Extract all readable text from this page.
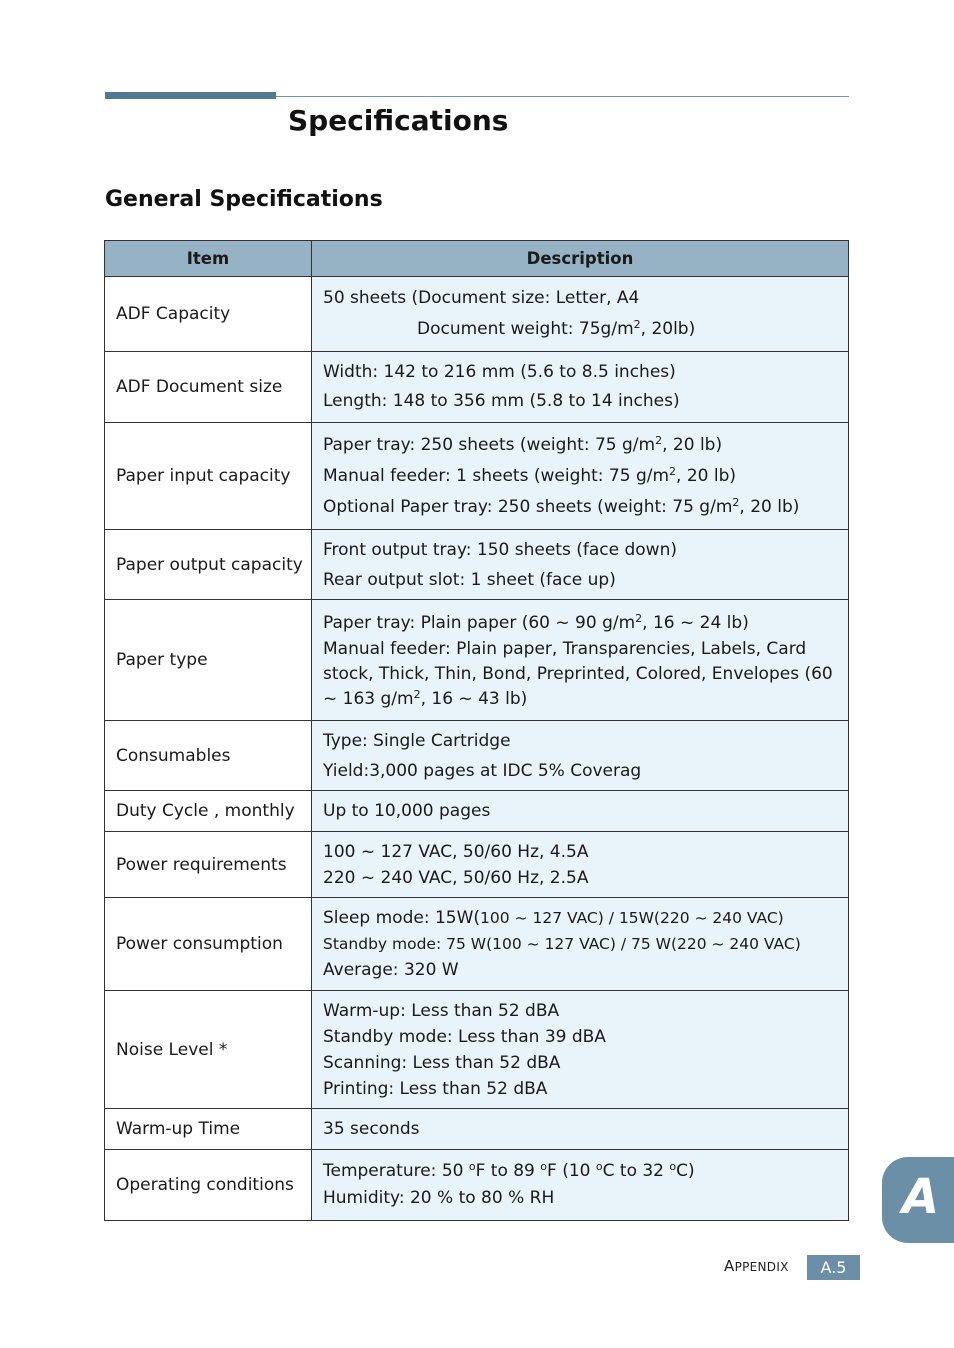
Specifications
General Specifications
Item	Description
ADF Capacity	50 sheets (Document size: Letter, A4
Document weight: $75g/m^2$, 20lb)

ADF Document size	Width: 142 to 216 mm (5.6 to 8.5 inches)
Length: 148 to 356 mm (5.8 to 14 inches)

Paper input capacity	Paper tray: 250 sheets (weight: 75 $g/m^2$, 20 lb)
Manual feeder: 1 sheets (weight: 75 $g/m^2$, 20 lb)
Optional Paper tray: 250 sheets (weight: 75 $g/m^2$, 20 lb)

Paper output capacity	Front output tray: 150 sheets (face down)
Rear output slot: 1 sheet (face up)

Paper type	Paper tray: Plain paper (60 ~ 90 $g/m^2$, 16 ~ 24 lb)
Manual feeder: Plain paper, Transparencies, Labels, Card stock, Thick, Thin, Bond, Preprinted, Colored, Envelopes (60 ~ 163 $g/m^2$, 16 ~ 43 lb)

Consumables	Type: Single Cartridge
Yield:3,000 pages at IDC 5% Coverag

Duty Cycle , monthly	Up to 10,000 pages

Power requirements	100 ~ 127 VAC, 50/60 Hz, 4.5A
220 ~ 240 VAC, 50/60 Hz, 2.5A

Power consumption	Sleep mode: 15W(100 ~ 127 VAC) / 15W(220 ~ 240 VAC)
Standby mode: 75 W(100 ~ 127 VAC) / 75 W(220 ~ 240 VAC)
Average: 320 W

Noise Level *	Warm-up: Less than 52 dBA
Standby mode: Less than 39 dBA
Scanning: Less than 52 dBA
Printing: Less than 52 dBA

Warm-up Time	35 seconds

Operating conditions	Temperature: 50 $^o$F to 89 $^o$F (10 $^o$C to 32 $^o$C)
Humidity: 20 % to 80 % RH	A
APPENDIX	A.5
